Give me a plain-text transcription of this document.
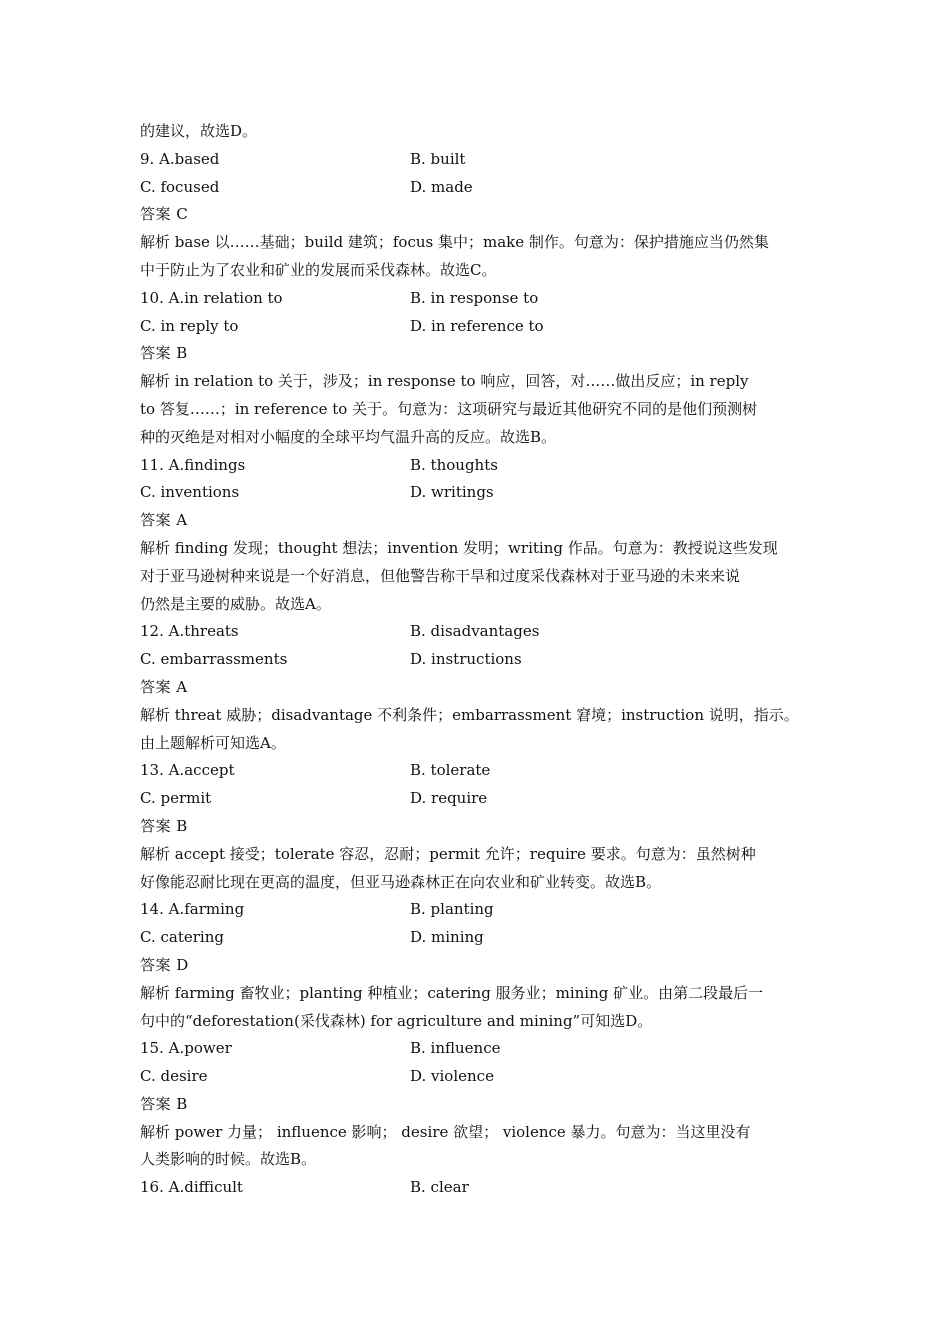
的建议，故选D。
9. A.based	B. built
C. focused	D. made
答案 C
解析 base 以……基础；build 建筑；focus 集中；make 制作。句意为：保护措施应当仍然集
中于防止为了农业和矿业的发展而采伐森林。故选C。
10. A.in relation to	B. in response to
C. in reply to	D. in reference to
答案 B
解析 in relation to 关于，涉及；in response to 响应，回答，对……做出反应；in reply
to 答复……；in reference to 关于。句意为：这项研究与最近其他研究不同的是他们预测树
种的灭绝是对相对小幅度的全球平均气温升高的反应。故选B。
11. A.findings	B. thoughts
C. inventions	D. writings
答案 A
解析 finding 发现；thought 想法；invention 发明；writing 作品。句意为：教授说这些发现
对于亚马逊树种来说是一个好消息，但他警告称干旱和过度采伐森林对于亚马逊的未来来说
仍然是主要的威胁。故选A。
12. A.threats	B. disadvantages
C. embarrassments	D. instructions
答案 A
解析 threat 威胁；disadvantage 不利条件；embarrassment 窘境；instruction 说明，指示。
由上题解析可知选A。
13. A.accept	B. tolerate
C. permit	D. require
答案 B
解析 accept 接受；tolerate 容忍，忍耐；permit 允许；require 要求。句意为：虽然树种
好像能忍耐比现在更高的温度，但亚马逊森林正在向农业和矿业转变。故选B。
14. A.farming	B. planting
C. catering	D. mining
答案 D
解析 farming 畜牧业；planting 种植业；catering 服务业；mining 矿业。由第二段最后一
句中的“deforestation(采伐森林) for agriculture and mining”可知选D。
15. A.power	B. influence
C. desire	D. violence
答案 B
解析 power 力量； influence 影响； desire 欲望； violence 暴力。句意为：当这里没有
人类影响的时候。故选B。
16. A.difficult	B. clear
